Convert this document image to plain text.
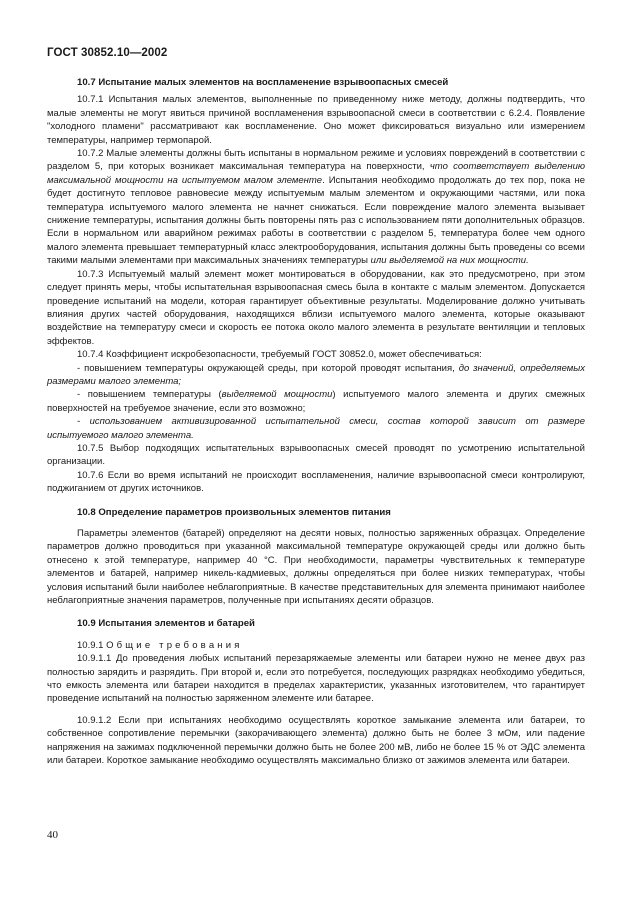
ГОСТ 30852.10—2002
10.7 Испытание малых элементов на воспламенение взрывоопасных смесей

10.7.1 Испытания малых элементов, выполненные по приведенному ниже методу, должны подтвердить, что малые элементы не могут явиться причиной воспламенения взрывоопасной смеси в соответствии с 6.2.4. Появление "холодного пламени" рассматривают как воспламенение. Оно может фиксироваться визуально или измерением температуры, например термопарой.

10.7.2 Малые элементы должны быть испытаны в нормальном режиме и условиях повреждений в соответствии с разделом 5, при которых возникает максимальная температура на поверхности, что соответствует выделению максимальной мощности на испытуемом малом элементе. Испытания необходимо продолжать до тех пор, пока не будет достигнуто тепловое равновесие между испытуемым малым элементом и окружающими частями, или пока температура испытуемого малого элемента не начнет снижаться. Если повреждение малого элемента вызывает снижение температуры, испытания должны быть повторены пять раз с использованием пяти дополнительных образцов. Если в нормальном или аварийном режимах работы в соответствии с разделом 5, температура более чем одного малого элемента превышает температурный класс электрооборудования, испытания должны быть проведены со всеми такими малыми элементами при максимальных значениях температуры или выделяемой на них мощности.

10.7.3 Испытуемый малый элемент может монтироваться в оборудовании, как это предусмотрено, при этом следует принять меры, чтобы испытательная взрывоопасная смесь была в контакте с малым элементом. Допускается проведение испытаний на модели, которая гарантирует объективные результаты. Моделирование должно учитывать влияния других частей оборудования, находящихся вблизи испытуемого малого элемента, которые оказывают воздействие на температуру смеси и скорость ее потока около малого элемента в результате вентиляции и тепловых эффектов.

10.7.4 Коэффициент искробезопасности, требуемый ГОСТ 30852.0, может обеспечиваться:

- повышением температуры окружающей среды, при которой проводят испытания, до значений, определяемых размерами малого элемента;

- повышением температуры (выделяемой мощности) испытуемого малого элемента и других смежных поверхностей на требуемое значение, если это возможно;

- использованием активизированной испытательной смеси, состав которой зависит от размере испытуемого малого элемента.

10.7.5 Выбор подходящих испытательных взрывоопасных смесей проводят по усмотрению испытательной организации.

10.7.6 Если во время испытаний не происходит воспламенения, наличие взрывоопасной смеси контролируют, поджиганием от других источников.

10.8 Определение параметров произвольных элементов питания

Параметры элементов (батарей) определяют на десяти новых, полностью заряженных образцах. Определение параметров должно проводиться при указанной максимальной температуре окружающей среды или должно быть отнесено к этой температуре, например 40 °С. При необходимости, параметры чувствительных к температуре элементов и батарей, например никель-кадмиевых, должны определяться при более низких температурах, чтобы условия испытаний были наиболее неблагоприятные. В качестве представительных для элемента принимают наиболее неблагоприятные значения параметров, полученные при испытаниях десяти образцов.

10.9 Испытания элементов и батарей

10.9.1 Общие требования

10.9.1.1 До проведения любых испытаний перезаряжаемые элементы или батареи нужно не менее двух раз полностью зарядить и разрядить. При второй и, если это потребуется, последующих разрядках необходимо убедиться, что емкость элемента или батареи находится в пределах характеристик, указанных изготовителем, что гарантирует проведение испытаний на полностью заряженном элементе или батарее.

10.9.1.2 Если при испытаниях необходимо осуществлять короткое замыкание элемента или батареи, то собственное сопротивление перемычки (закорачивающего элемента) должно быть не более 3 мОм, или падение напряжения на зажимах подключенной перемычки должно быть не более 200 мВ, либо не более 15 % от ЭДС элемента или батареи. Короткое замыкание необходимо осуществлять максимально близко от зажимов элемента или батареи.

40
